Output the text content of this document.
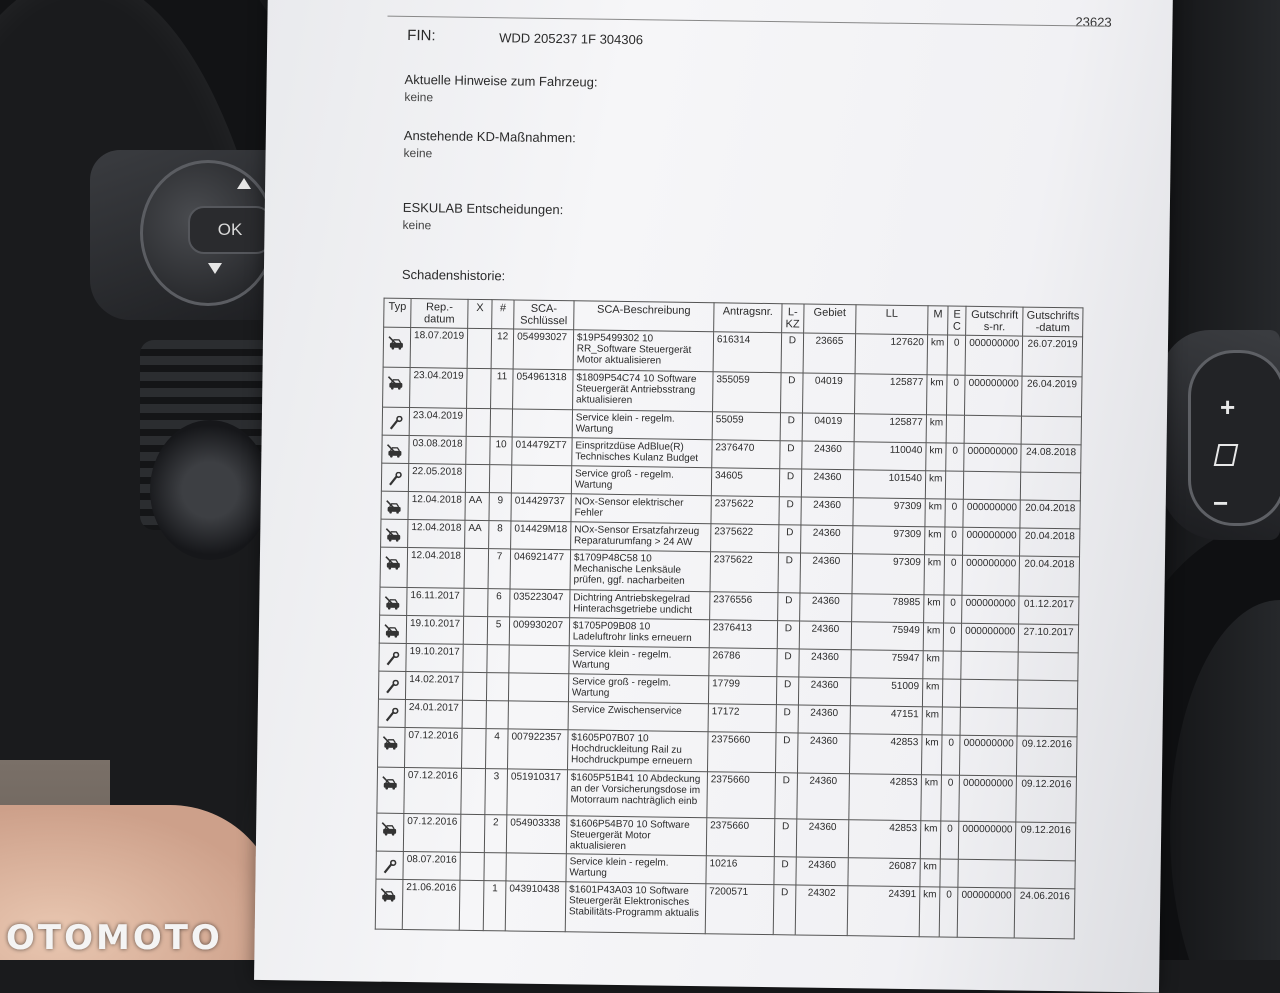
OK
+
−
23623
FIN:	WDD 205237 1F 304306
Aktuelle Hinweise zum Fahrzeug:
keine
Anstehende KD-Maßnahmen:
keine
ESKULAB Entscheidungen:
keine
Schadenshistorie:
Typ	Rep.-datum	X	#	SCA-Schlüssel	SCA-Beschreibung	Antragsnr.	L-KZ	Gebiet	LL	M	E C	Gutschrift s-nr.	Gutschrifts -datum
	18.07.2019		12	054993027	$19P5499302 10 RR_Software Steuergerät Motor aktualisieren	616314	D	23665	127620	km	0	000000000	26.07.2019
	23.04.2019		11	054961318	$1809P54C74 10 Software Steuergerät Antriebsstrang aktualisieren	355059	D	04019	125877	km	0	000000000	26.04.2019
	23.04.2019				Service klein - regelm. Wartung	55059	D	04019	125877	km			
	03.08.2018		10	014479ZT7	Einspritzdüse AdBlue(R) Technisches Kulanz Budget	2376470	D	24360	110040	km	0	000000000	24.08.2018
	22.05.2018				Service groß - regelm. Wartung	34605	D	24360	101540	km			
	12.04.2018	AA	9	014429737	NOx-Sensor elektrischer Fehler	2375622	D	24360	97309	km	0	000000000	20.04.2018
	12.04.2018	AA	8	014429M18	NOx-Sensor Ersatzfahrzeug Reparaturumfang > 24 AW	2375622	D	24360	97309	km	0	000000000	20.04.2018
	12.04.2018		7	046921477	$1709P48C58 10 Mechanische Lenksäule prüfen, ggf. nacharbeiten	2375622	D	24360	97309	km	0	000000000	20.04.2018
	16.11.2017		6	035223047	Dichtring Antriebskegelrad Hinterachsgetriebe undicht	2376556	D	24360	78985	km	0	000000000	01.12.2017
	19.10.2017		5	009930207	$1705P09B08 10 Ladeluftrohr links erneuern	2376413	D	24360	75949	km	0	000000000	27.10.2017
	19.10.2017				Service klein - regelm. Wartung	26786	D	24360	75947	km			
	14.02.2017				Service groß - regelm. Wartung	17799	D	24360	51009	km			
	24.01.2017				Service Zwischenservice	17172	D	24360	47151	km			
	07.12.2016		4	007922357	$1605P07B07 10 Hochdruckleitung Rail zu Hochdruckpumpe erneuern	2375660	D	24360	42853	km	0	000000000	09.12.2016
	07.12.2016		3	051910317	$1605P51B41 10 Abdeckung an der Vorsicherungsdose im Motorraum nachträglich einb	2375660	D	24360	42853	km	0	000000000	09.12.2016
	07.12.2016		2	054903338	$1606P54B70 10 Software Steuergerät Motor aktualisieren	2375660	D	24360	42853	km	0	000000000	09.12.2016
	08.07.2016				Service klein - regelm. Wartung	10216	D	24360	26087	km			
	21.06.2016		1	043910438	$1601P43A03 10 Software Steuergerät Elektronisches Stabilitäts-Programm aktualis	7200571	D	24302	24391	km	0	000000000	24.06.2016
OTOMOTO
